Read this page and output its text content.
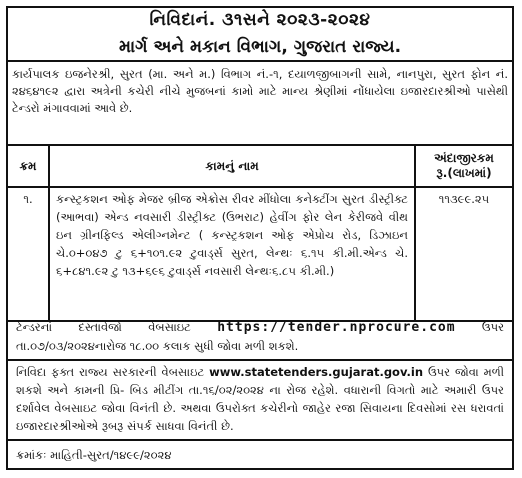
નિવિદાનં. ૩૧સને ૨૦૨૩-૨૦૨૪
માર્ગ અને મકાન વિભાગ, ગુજરાત રાજ્ય.

કાર્યપાલક ઇજનેરશ્રી, સુરત (મા. અને મ.) વિભાગ નં.-૧, દયાળજીબાગની સામે, નાનપુરા, સુરત ફોન નં. ૨૪૬૪૧૯૨ દ્વારા અત્રેની કચેરી નીચે મુજબનાં કામો માટે માન્ય શ્રેણીમાં નોંધાયેલા ઇજારદારશ્રીઓ પાસેથી ટેન્ડરો મંગાવવામાં આવે છે.

ક્રમ	કામનું નામ	અંદાજીરકમ
રૂ.(લાખમાં)
૧.	કન્સ્ટ્રકશન ઓફ મેજર બ્રીજ એક્રોસ રીવર મીંધોલા કનેક્ટીંગ સુરત ડીસ્ટ્રીક્ટ (આભવા) એન્ડ નવસારી ડીસ્ટ્રીક્ટ (ઉભરાટ) હેવીંગ ફોર લેન કેરીજવે વીથ ઇન ગ્રીનફિલ્ડ એલીગ્નમેન્ટ ( કન્સ્ટ્રકશન ઓફ એપ્રોચ રોડ, ડિઝાઇન ચે.૦+૦૪૭ ટુ ૬+૧૦૧.૯૨ ટુવાર્ડ્સ સુરત, લેન્થઃ ૬.૧૫ કી.મી.એન્ડ ચે. ૬+૮૪૧.૯૨ ટુ ૧૩+૬૯૬ ટુવાર્ડ્સ નવસારી લેન્થઃ૬.૮૫ કી.મી.)	૧૧૩૯૯.૨૫

ટેન્ડરનાં દસ્તાવેજો વેબસાઇટ https://tender.nprocure.com ઉપર તા.૦૭/૦૩/૨૦૨૪નારોજ ૧૮.૦૦ કલાક સુધી જોવા મળી શકશે.

નિવિદા ફક્ત રાજ્ય સરકારની વેબસાઇટ www.statetenders.gujarat.gov.in ઉપર જોવા મળી શકશે અને કામની પ્રિ- બિડ મીટીંગ તા.૧૬/૦૨/૨૦૨૪ ના રોજ રહેશે. વધારાની વિગતો માટે અમારી ઉપર દર્શાવેલ વેબસાઇટ જોવા વિનંતી છે. અથવા ઉપરોક્ત કચેરીનો જાહેર રજા સિવાયના દિવસોમાં રસ ધરાવતાં ઇજારદારશ્રીઓએ રૂબરૂ સંપર્ક સાધવા વિનંતી છે.

ક્રમાંકઃ માહિતી-સુરત/૧૪૯૯/૨૦૨૪
